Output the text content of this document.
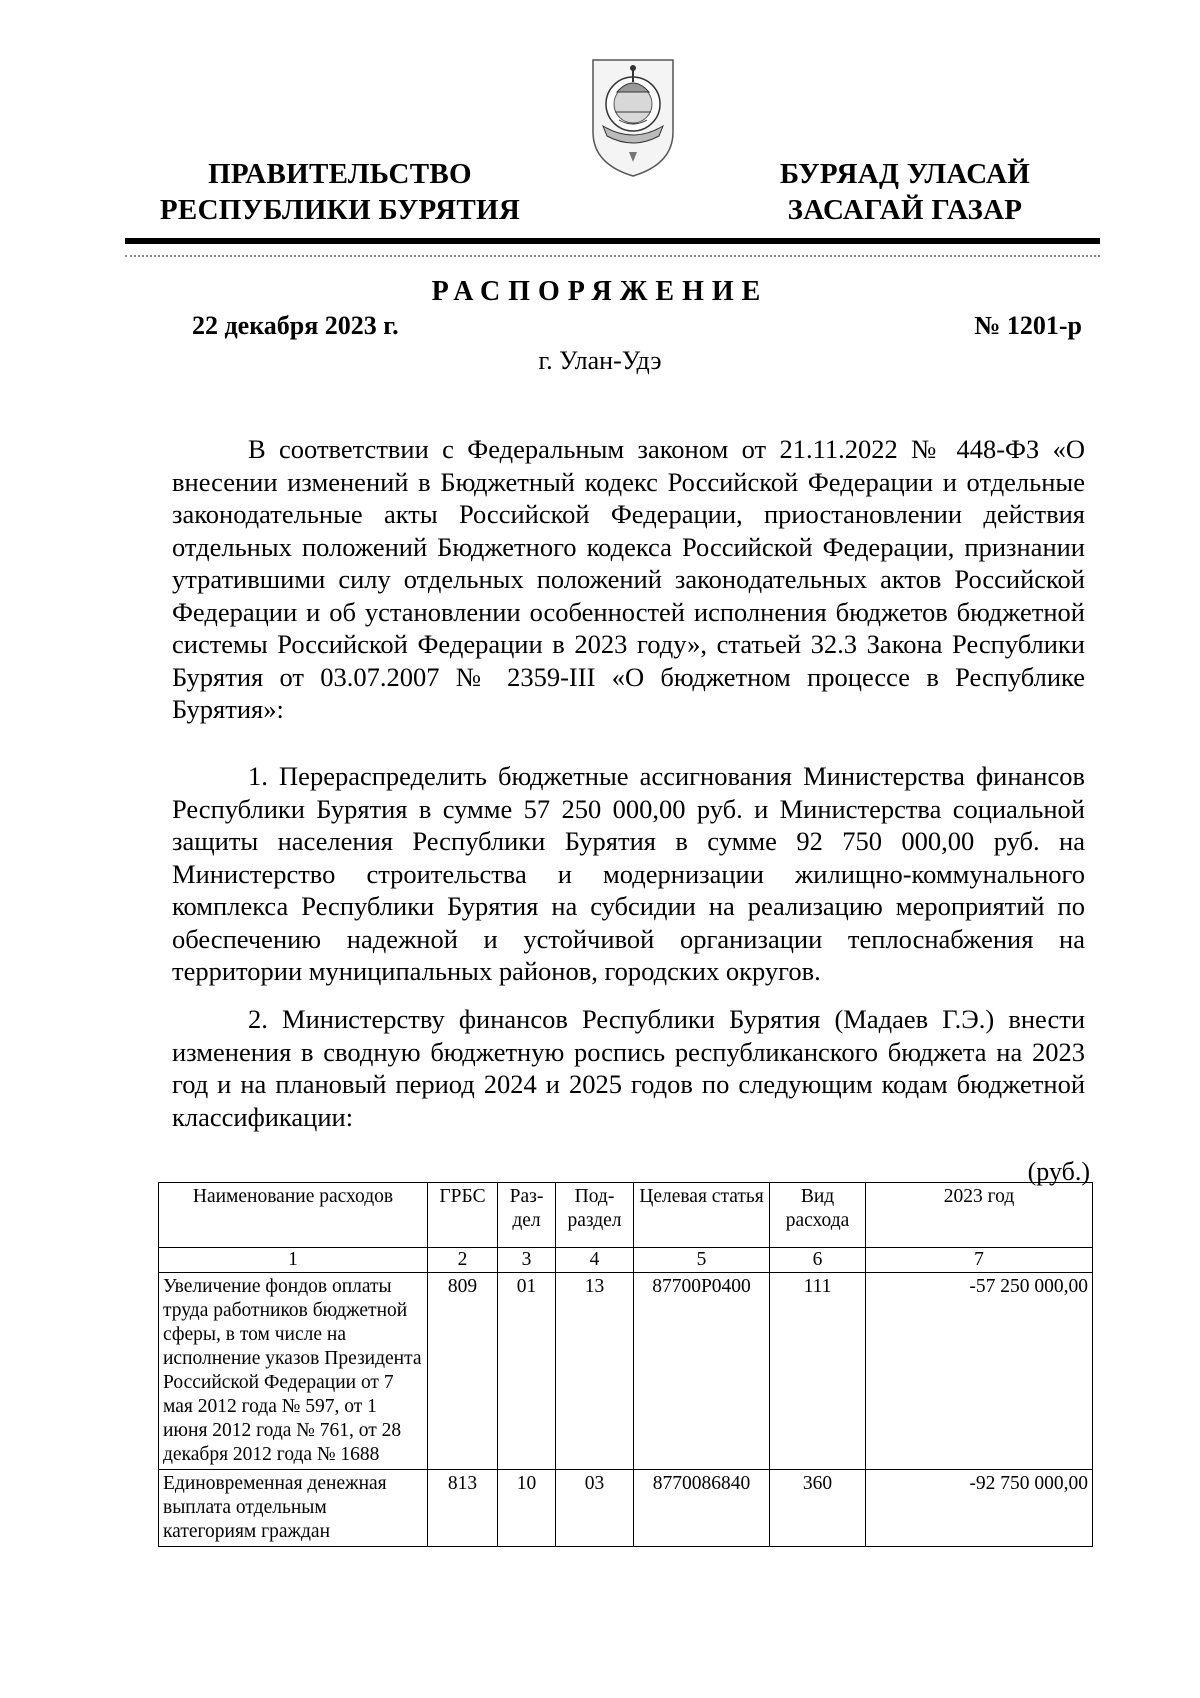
ПРАВИТЕЛЬСТВО
РЕСПУБЛИКИ БУРЯТИЯ
БУРЯАД УЛАСАЙ
ЗАСАГАЙ ГАЗАР
РАСПОРЯЖЕНИЕ
22 декабря 2023 г.	№ 1201-р
г. Улан-Удэ

В соответствии с Федеральным законом от 21.11.2022 № 448-ФЗ «О внесении изменений в Бюджетный кодекс Российской Федерации и отдельные законодательные акты Российской Федерации, приостановлении действия отдельных положений Бюджетного кодекса Российской Федерации, признании утратившими силу отдельных положений законодательных актов Российской Федерации и об установлении особенностей исполнения бюджетов бюджетной системы Российской Федерации в 2023 году», статьей 32.3 Закона Республики Бурятия от 03.07.2007 № 2359-III «О бюджетном процессе в Республике Бурятия»:

1. Перераспределить бюджетные ассигнования Министерства финансов Республики Бурятия в сумме 57 250 000,00 руб. и Министерства социальной защиты населения Республики Бурятия в сумме 92 750 000,00 руб. на Министерство строительства и модернизации жилищно-коммунального комплекса Республики Бурятия на субсидии на реализацию мероприятий по обеспечению надежной и устойчивой организации теплоснабжения на территории муниципальных районов, городских округов.

2. Министерству финансов Республики Бурятия (Мадаев Г.Э.) внести изменения в сводную бюджетную роспись республиканского бюджета на 2023 год и на плановый период 2024 и 2025 годов по следующим кодам бюджетной классификации:

(руб.)
Наименование расходов	ГРБС	Раз-дел	Под-раздел	Целевая статья	Вид расхода	2023 год
1	2	3	4	5	6	7
Увеличение фондов оплаты труда работников бюджетной сферы, в том числе на исполнение указов Президента Российской Федерации от 7 мая 2012 года № 597, от 1 июня 2012 года № 761, от 28 декабря 2012 года № 1688	809	01	13	87700P0400	111	-57 250 000,00
Единовременная денежная выплата отдельным категориям граждан	813	10	03	8770086840	360	-92 750 000,00
